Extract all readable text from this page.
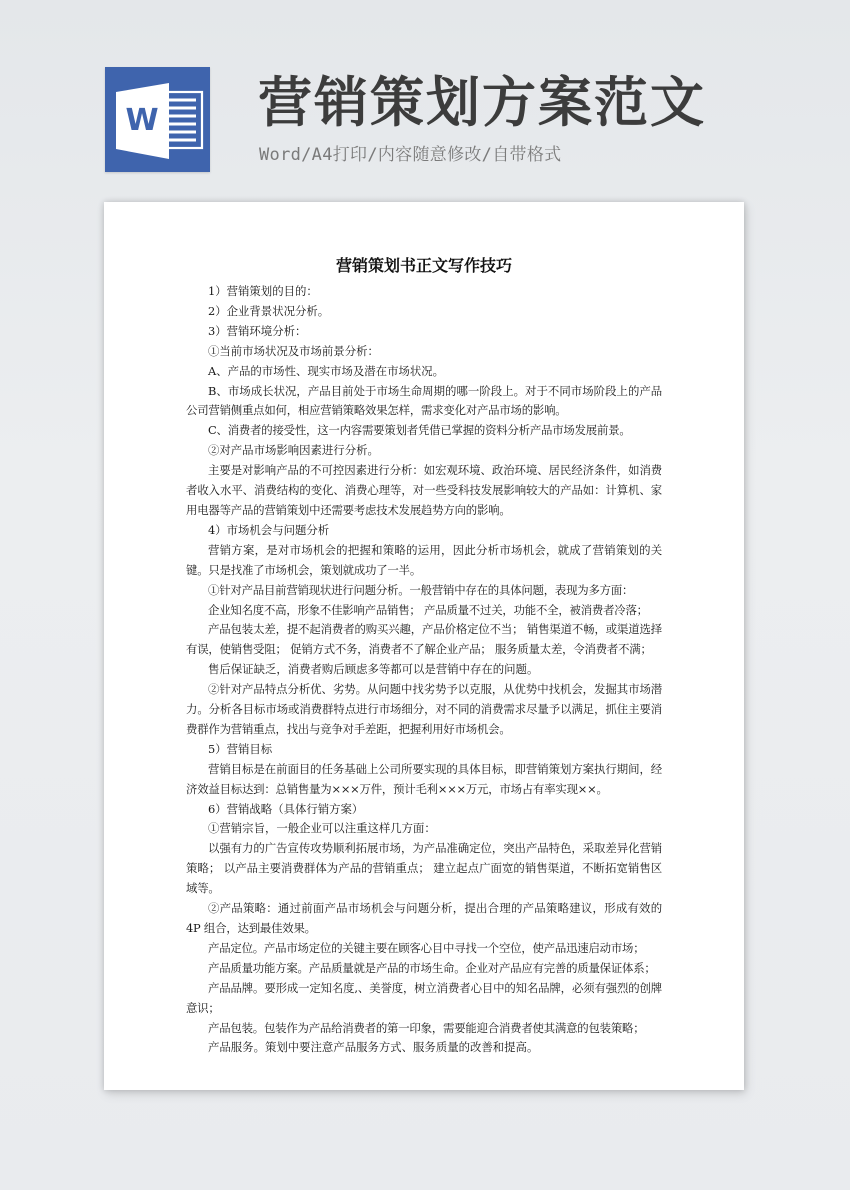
W 营销策划方案范文
Word/A4打印/内容随意修改/自带格式
营销策划书正文写作技巧

1）营销策划的目的：

2）企业背景状况分析。

3）营销环境分析：

①当前市场状况及市场前景分析：

A、产品的市场性、现实市场及潜在市场状况。

B、市场成长状况，产品目前处于市场生命周期的哪一阶段上。对于不同市场阶段上的产品公司营销侧重点如何，相应营销策略效果怎样，需求变化对产品市场的影响。

C、消费者的接受性，这一内容需要策划者凭借已掌握的资料分析产品市场发展前景。

②对产品市场影响因素进行分析。

主要是对影响产品的不可控因素进行分析：如宏观环境、政治环境、居民经济条件，如消费者收入水平、消费结构的变化、消费心理等，对一些受科技发展影响较大的产品如：计算机、家用电器等产品的营销策划中还需要考虑技术发展趋势方向的影响。

4）市场机会与问题分析

营销方案，是对市场机会的把握和策略的运用，因此分析市场机会，就成了营销策划的关键。只是找准了市场机会，策划就成功了一半。

①针对产品目前营销现状进行问题分析。一般营销中存在的具体问题，表现为多方面：

企业知名度不高，形象不佳影响产品销售； 产品质量不过关，功能不全，被消费者冷落；

产品包装太差，提不起消费者的购买兴趣，产品价格定位不当； 销售渠道不畅，或渠道选择有误，使销售受阻； 促销方式不务，消费者不了解企业产品； 服务质量太差，令消费者不满；

售后保证缺乏，消费者购后顾虑多等都可以是营销中存在的问题。

②针对产品特点分析优、劣势。从问题中找劣势予以克服，从优势中找机会，发掘其市场潜力。分析各目标市场或消费群特点进行市场细分，对不同的消费需求尽量予以满足，抓住主要消费群作为营销重点，找出与竞争对手差距，把握利用好市场机会。

5）营销目标

营销目标是在前面目的任务基础上公司所要实现的具体目标，即营销策划方案执行期间，经济效益目标达到：总销售量为×××万件，预计毛利×××万元，市场占有率实现××。

6）营销战略（具体行销方案）

①营销宗旨，一般企业可以注重这样几方面：

以强有力的广告宣传攻势顺利拓展市场，为产品准确定位，突出产品特色，采取差异化营销策略； 以产品主要消费群体为产品的营销重点； 建立起点广面宽的销售渠道，不断拓宽销售区域等。

②产品策略：通过前面产品市场机会与问题分析，提出合理的产品策略建议，形成有效的 4P 组合，达到最佳效果。

产品定位。产品市场定位的关键主要在顾客心目中寻找一个空位，使产品迅速启动市场；

产品质量功能方案。产品质量就是产品的市场生命。企业对产品应有完善的质量保证体系；

产品品牌。要形成一定知名度,、美誉度，树立消费者心目中的知名品牌，必须有强烈的创牌意识；

产品包装。包装作为产品给消费者的第一印象，需要能迎合消费者使其满意的包装策略；

产品服务。策划中要注意产品服务方式、服务质量的改善和提高。
